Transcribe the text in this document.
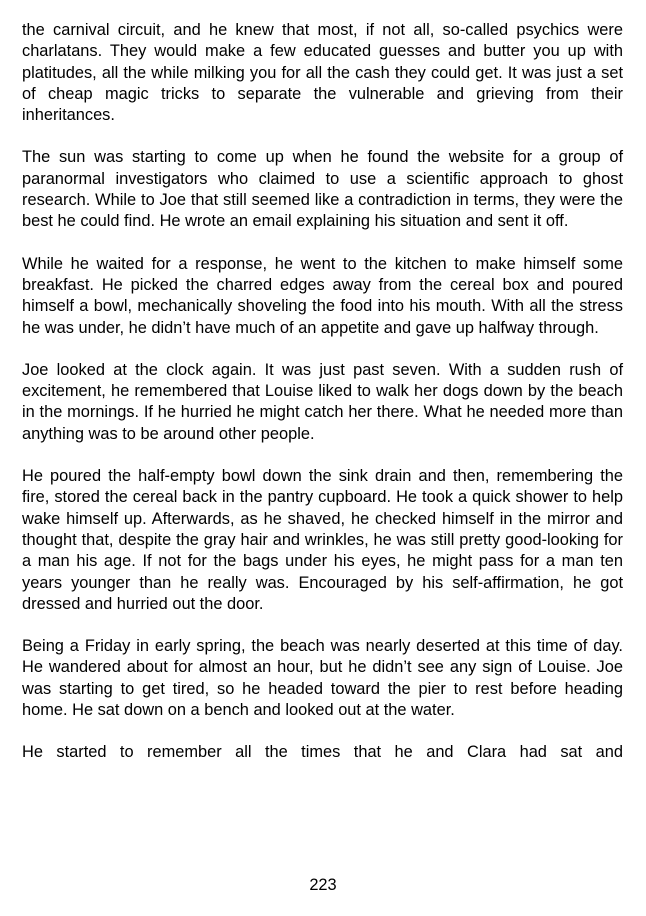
the carnival circuit, and he knew that most, if not all, so-called psychics were charlatans. They would make a few educated guesses and butter you up with platitudes, all the while milking you for all the cash they could get. It was just a set of cheap magic tricks to separate the vulnerable and grieving from their inheritances.

The sun was starting to come up when he found the website for a group of paranormal investigators who claimed to use a scientific approach to ghost research. While to Joe that still seemed like a contradiction in terms, they were the best he could find. He wrote an email explaining his situation and sent it off.

While he waited for a response, he went to the kitchen to make himself some breakfast. He picked the charred edges away from the cereal box and poured himself a bowl, mechanically shoveling the food into his mouth. With all the stress he was under, he didn’t have much of an appetite and gave up halfway through.

Joe looked at the clock again. It was just past seven. With a sudden rush of excitement, he remembered that Louise liked to walk her dogs down by the beach in the mornings. If he hurried he might catch her there. What he needed more than anything was to be around other people.

He poured the half-empty bowl down the sink drain and then, remembering the fire, stored the cereal back in the pantry cupboard. He took a quick shower to help wake himself up. Afterwards, as he shaved, he checked himself in the mirror and thought that, despite the gray hair and wrinkles, he was still pretty good-looking for a man his age. If not for the bags under his eyes, he might pass for a man ten years younger than he really was. Encouraged by his self-affirmation, he got dressed and hurried out the door.

Being a Friday in early spring, the beach was nearly deserted at this time of day. He wandered about for almost an hour, but he didn’t see any sign of Louise. Joe was starting to get tired, so he headed toward the pier to rest before heading home. He sat down on a bench and looked out at the water.

He started to remember all the times that he and Clara had sat and

223
